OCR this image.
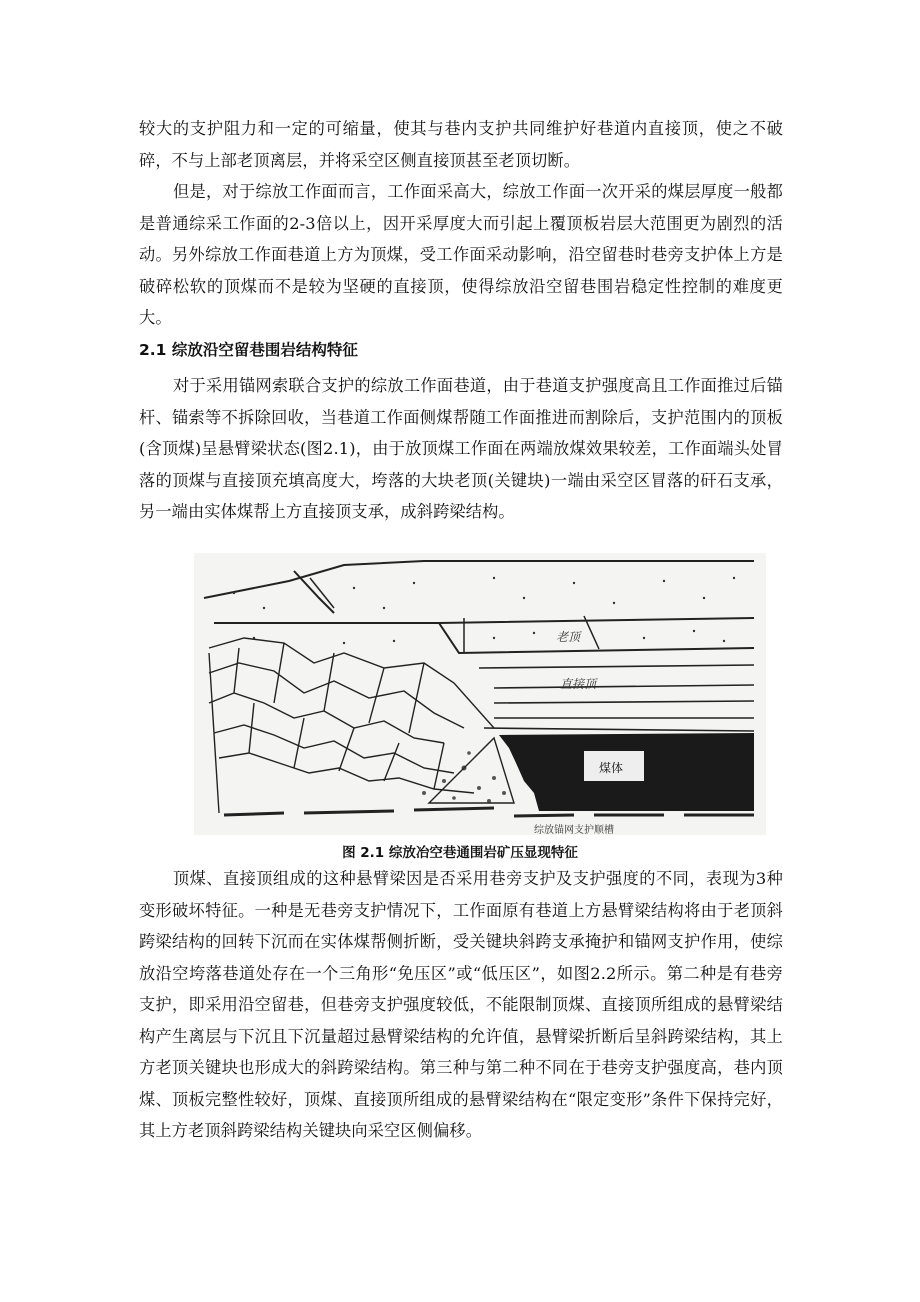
较大的支护阻力和一定的可缩量，使其与巷内支护共同维护好巷道内直接顶，使之不破碎，不与上部老顶离层，并将采空区侧直接顶甚至老顶切断。

但是，对于综放工作面而言，工作面采高大，综放工作面一次开采的煤层厚度一般都是普通综采工作面的2-3倍以上，因开采厚度大而引起上覆顶板岩层大范围更为剧烈的活动。另外综放工作面巷道上方为顶煤，受工作面采动影响，沿空留巷时巷旁支护体上方是破碎松软的顶煤而不是较为坚硬的直接顶，使得综放沿空留巷围岩稳定性控制的难度更大。

2.1 综放沿空留巷围岩结构特征

对于采用锚网索联合支护的综放工作面巷道，由于巷道支护强度高且工作面推过后锚杆、锚索等不拆除回收，当巷道工作面侧煤帮随工作面推进而割除后，支护范围内的顶板(含顶煤)呈悬臂梁状态(图2.1)，由于放顶煤工作面在两端放煤效果较差，工作面端头处冒落的顶煤与直接顶充填高度大，垮落的大块老顶(关键块)一端由采空区冒落的矸石支承，另一端由实体煤帮上方直接顶支承，成斜跨梁结构。

老顶
直接顶
煤体
综放锚网支护顺槽

图 2.1 综放冶空巷通围岩矿压显现特征

顶煤、直接顶组成的这种悬臂梁因是否采用巷旁支护及支护强度的不同，表现为3种变形破坏特征。一种是无巷旁支护情况下，工作面原有巷道上方悬臂梁结构将由于老顶斜跨梁结构的回转下沉而在实体煤帮侧折断，受关键块斜跨支承掩护和锚网支护作用，使综放沿空垮落巷道处存在一个三角形“免压区”或“低压区”，如图2.2所示。第二种是有巷旁支护，即采用沿空留巷，但巷旁支护强度较低，不能限制顶煤、直接顶所组成的悬臂梁结构产生离层与下沉且下沉量超过悬臂梁结构的允许值，悬臂梁折断后呈斜跨梁结构，其上方老顶关键块也形成大的斜跨梁结构。第三种与第二种不同在于巷旁支护强度高，巷内顶煤、顶板完整性较好，顶煤、直接顶所组成的悬臂梁结构在“限定变形”条件下保持完好，其上方老顶斜跨梁结构关键块向采空区侧偏移。
